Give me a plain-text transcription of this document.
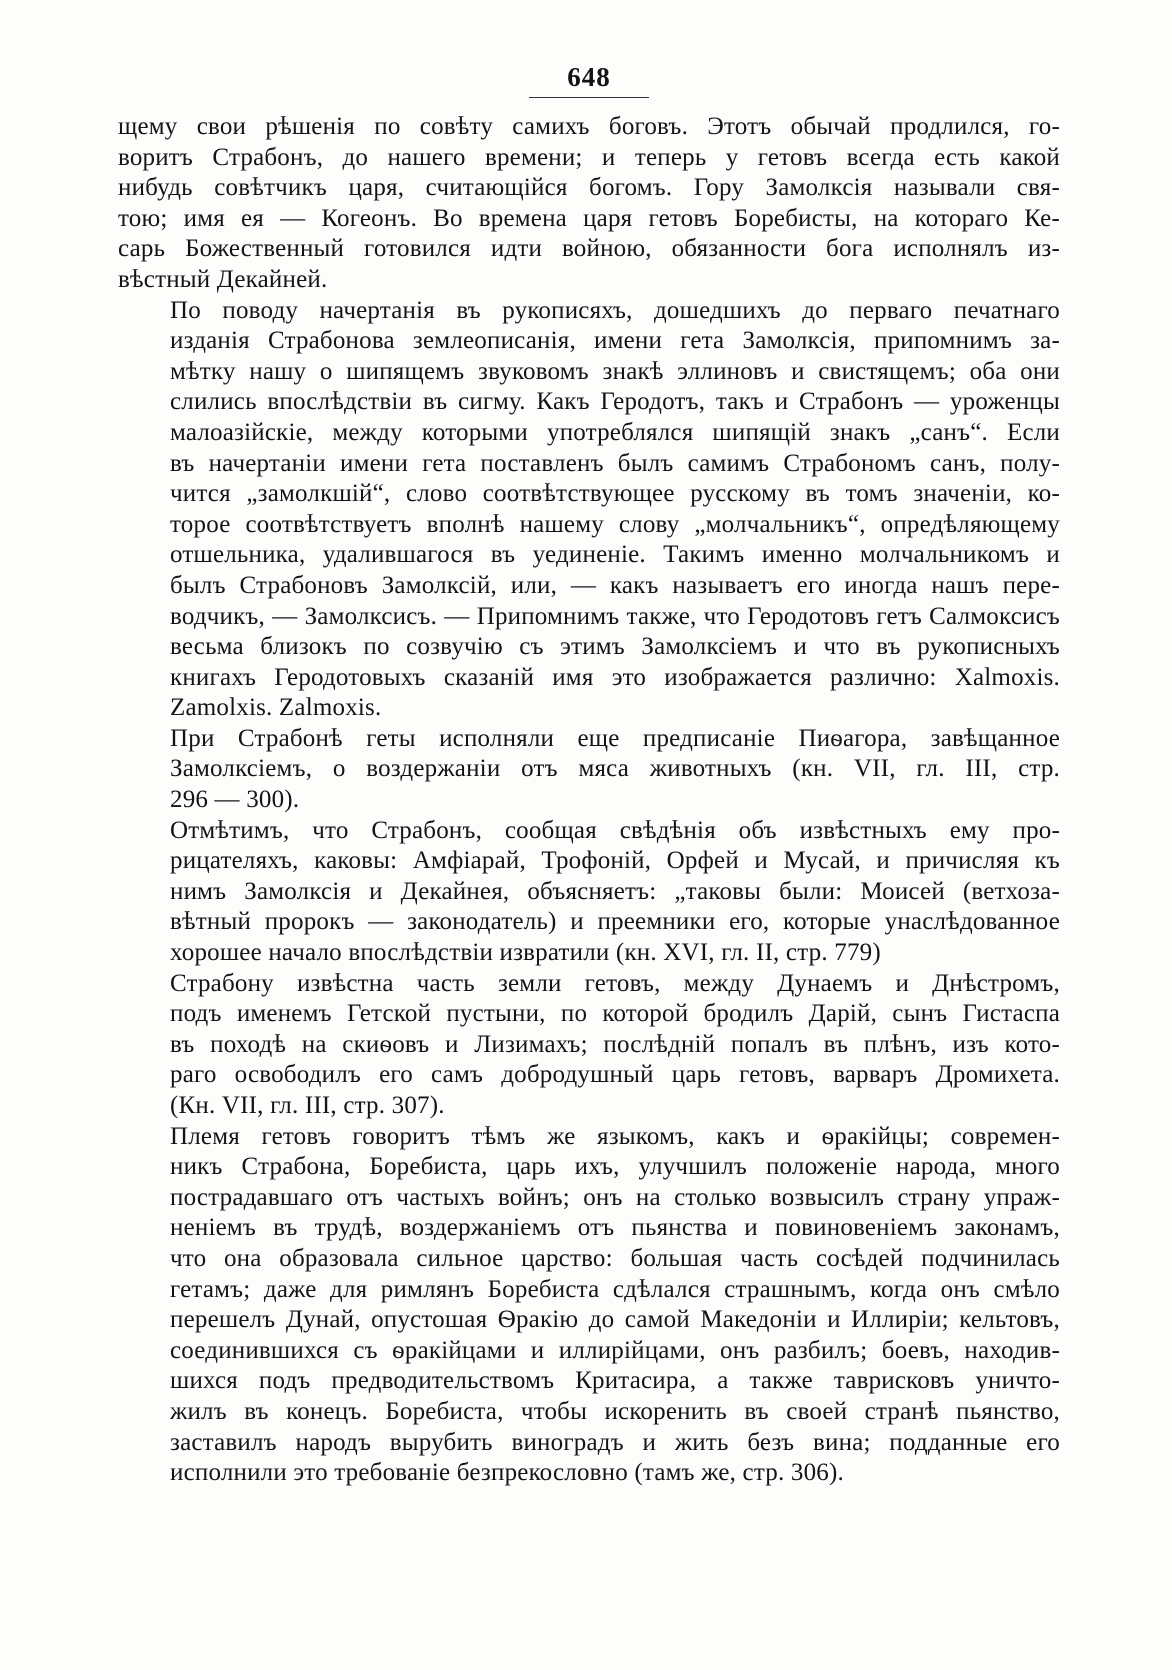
648

щему свои рѣшенія по совѣту самихъ боговъ. Этотъ обычай продлился, го-
воритъ Страбонъ, до нашего времени; и теперь у гетовъ всегда есть какой
нибудь совѣтчикъ царя, считающійся богомъ. Гору Замолксія называли свя-
тою; имя ея — Когеонъ. Во времена царя гетовъ Боребисты, на котораго Ке-
сарь Божественный готовился идти войною, обязанности бога исполнялъ из-
вѣстный Декайней.

По поводу начертанія въ рукописяхъ, дошедшихъ до перваго печатнаго
изданія Страбонова землеописанія, имени гета Замолксія, припомнимъ за-
мѣтку нашу о шипящемъ звуковомъ знакѣ эллиновъ и свистящемъ; оба они
слились впослѣдствіи въ сигму. Какъ Геродотъ, такъ и Страбонъ — уроженцы
малоазійскіе, между которыми употреблялся шипящій знакъ „санъ“. Если
въ начертаніи имени гета поставленъ былъ самимъ Страбономъ санъ, полу-
чится „замолкшій“, слово соотвѣтствующее русскому въ томъ значеніи, ко-
торое соотвѣтствуетъ вполнѣ нашему слову „молчальникъ“, опредѣляющему
отшельника, удалившагося въ уединеніе. Такимъ именно молчальникомъ и
былъ Страбоновъ Замолксій, или, — какъ называетъ его иногда нашъ пере-
водчикъ, — Замолксисъ. — Припомнимъ также, что Геродотовъ гетъ Салмоксисъ
весьма близокъ по созвучію съ этимъ Замолксіемъ и что въ рукописныхъ
книгахъ Геродотовыхъ сказаній имя это изображается различно: Xalmoxis.
Zamolxis. Zalmoxis.

При Страбонѣ геты исполняли еще предписаніе Пиѳагора, завѣщанное
Замолксіемъ, о воздержаніи отъ мяса животныхъ (кн. VII, гл. III, стр.
296 — 300).

Отмѣтимъ, что Страбонъ, сообщая свѣдѣнія объ извѣстныхъ ему про-
рицателяхъ, каковы: Амфіарай, Трофоній, Орфей и Мусай, и причисляя къ
нимъ Замолксія и Декайнея, объясняетъ: „таковы были: Моисей (ветхоза-
вѣтный пророкъ — законодатель) и преемники его, которые унаслѣдованное
хорошее начало впослѣдствіи извратили (кн. XVI, гл. II, стр. 779)

Страбону извѣстна часть земли гетовъ, между Дунаемъ и Днѣстромъ,
подъ именемъ Гетской пустыни, по которой бродилъ Дарій, сынъ Гистаспа
въ походѣ на скиѳовъ и Лизимахъ; послѣдній попалъ въ плѣнъ, изъ кото-
раго освободилъ его самъ добродушный царь гетовъ, варваръ Дромихета.
(Кн. VII, гл. III, стр. 307).

Племя гетовъ говоритъ тѣмъ же языкомъ, какъ и ѳракійцы; современ-
никъ Страбона, Боребиста, царь ихъ, улучшилъ положеніе народа, много
пострадавшаго отъ частыхъ войнъ; онъ на столько возвысилъ страну упраж-
неніемъ въ трудѣ, воздержаніемъ отъ пьянства и повиновеніемъ законамъ,
что она образовала сильное царство: большая часть сосѣдей подчинилась
гетамъ; даже для римлянъ Боребиста сдѣлался страшнымъ, когда онъ смѣло
перешелъ Дунай, опустошая Ѳракію до самой Македоніи и Иллиріи; кельтовъ,
соединившихся съ ѳракійцами и иллирійцами, онъ разбилъ; боевъ, находив-
шихся подъ предводительствомъ Критасира, а также таврисковъ уничто-
жилъ въ конецъ. Боребиста, чтобы искоренить въ своей странѣ пьянство,
заставилъ народъ вырубить виноградъ и жить безъ вина; подданные его
исполнили это требованіе безпрекословно (тамъ же, стр. 306).
